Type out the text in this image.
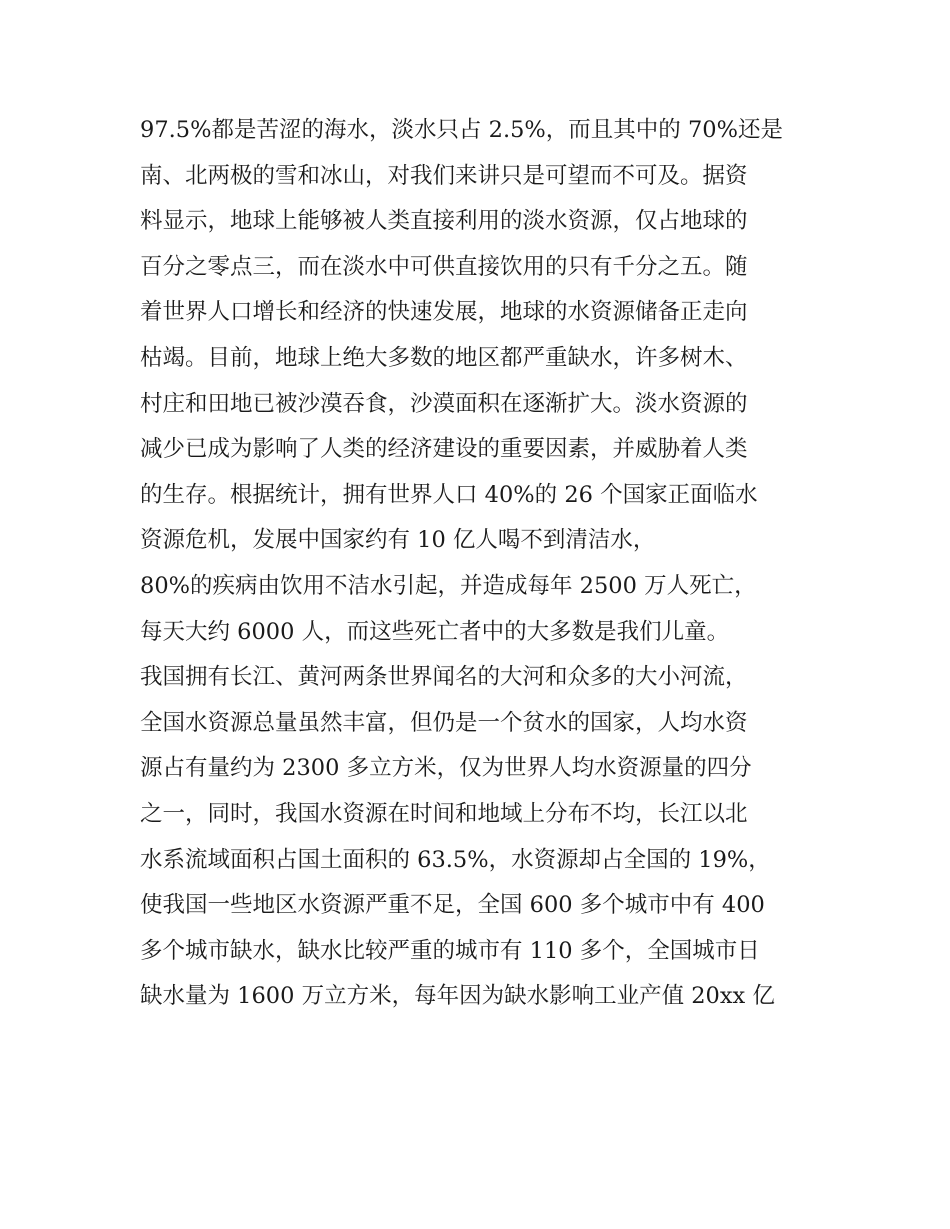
97.5%都是苦涩的海水，淡水只占 2.5%，而且其中的 70%还是
南、北两极的雪和冰山，对我们来讲只是可望而不可及。据资
料显示，地球上能够被人类直接利用的淡水资源，仅占地球的
百分之零点三，而在淡水中可供直接饮用的只有千分之五。随
着世界人口增长和经济的快速发展，地球的水资源储备正走向
枯竭。目前，地球上绝大多数的地区都严重缺水，许多树木、
村庄和田地已被沙漠吞食，沙漠面积在逐渐扩大。淡水资源的
减少已成为影响了人类的经济建设的重要因素，并威胁着人类
的生存。根据统计，拥有世界人口 40%的 26 个国家正面临水
资源危机，发展中国家约有 10 亿人喝不到清洁水，
80%的疾病由饮用不洁水引起，并造成每年 2500 万人死亡，
每天大约 6000 人，而这些死亡者中的大多数是我们儿童。
我国拥有长江、黄河两条世界闻名的大河和众多的大小河流，
全国水资源总量虽然丰富，但仍是一个贫水的国家，人均水资
源占有量约为 2300 多立方米，仅为世界人均水资源量的四分
之一，同时，我国水资源在时间和地域上分布不均，长江以北
水系流域面积占国土面积的 63.5%，水资源却占全国的 19%，
使我国一些地区水资源严重不足，全国 600 多个城市中有 400
多个城市缺水，缺水比较严重的城市有 110 多个，全国城市日
缺水量为 1600 万立方米，每年因为缺水影响工业产值 20xx 亿
